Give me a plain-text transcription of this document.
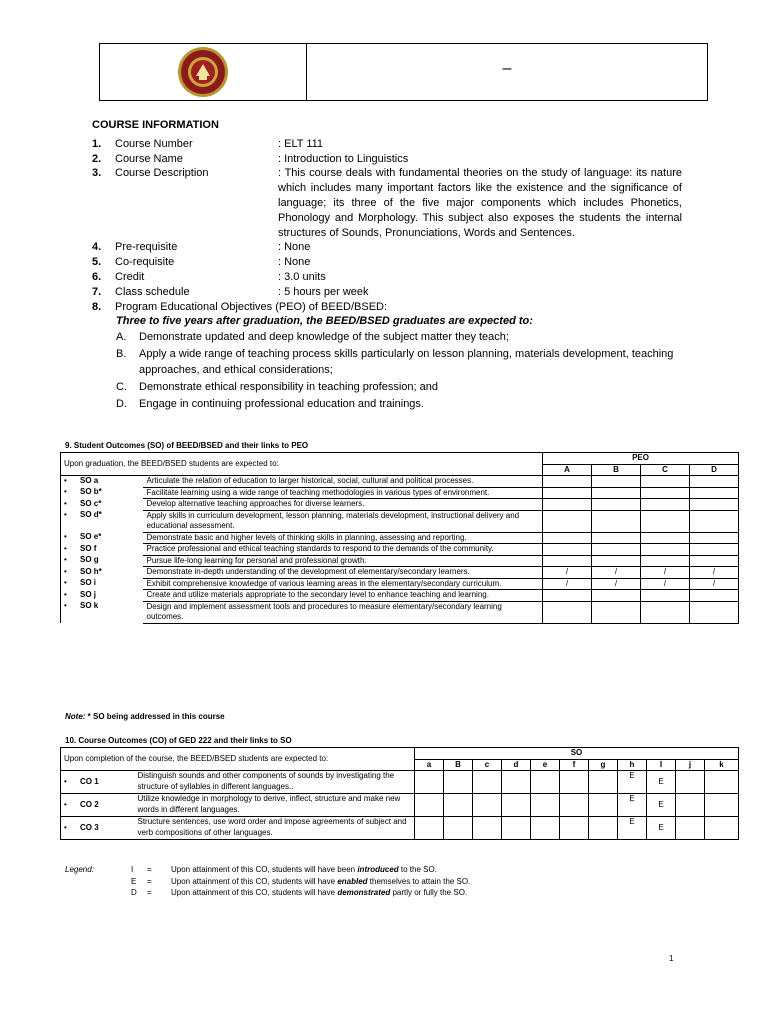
–
COURSE INFORMATION
1.	Course Number	: ELT 111
2.	Course Name	: Introduction to Linguistics
3.	Course Description	: This course deals with fundamental theories on the study of language: its nature which includes many important factors like the existence and the significance of language; its three of the five major components which includes Phonetics, Phonology and Morphology. This subject also exposes the students the internal structures of Sounds, Pronunciations, Words and Sentences.
4.	Pre-requisite	: None
5.	Co-requisite	: None
6.	Credit	: 3.0 units
7.	Class schedule	: 5 hours per week
8.	Program Educational Objectives (PEO) of BEED/BSED:
Three to five years after graduation, the BEED/BSED graduates are expected to:
A.	Demonstrate updated and deep knowledge of the subject matter they teach;
B.	Apply a wide range of teaching process skills particularly on lesson planning, materials development, teaching approaches, and ethical considerations;
C.	Demonstrate ethical responsibility in teaching profession; and
D.	Engage in continuing professional education and trainings.
9. Student Outcomes (SO) of BEED/BSED and their links to PEO
Upon graduation, the BEED/BSED students are expected to:		PEO			
		A	B	C	D
• SO a	Articulate the relation of education to larger historical, social, cultural and political processes.				
• SO b*	Facilitate learning using a wide range of teaching methodologies in various types of environment.				
• SO c*	Develop alternative teaching approaches for diverse learners.				
• SO d*	Apply skills in curriculum development, lesson planning, materials development, instructional delivery and educational assessment.				
• SO e*	Demonstrate basic and higher levels of thinking skills in planning, assessing and reporting.				
• SO f	Practice professional and ethical teaching standards to respond to the demands of the community.				
• SO g	Pursue life-long learning for personal and professional growth.				
• SO h*	Demonstrate in-depth understanding of the development of elementary/secondary learners.	/	/	/	/
• SO i	Exhibit comprehensive knowledge of various learning areas in the elementary/secondary curriculum.	/	/	/	/
• SO j	Create and utilize materials appropriate to the secondary level to enhance teaching and learning.				
• SO k	Design and implement assessment tools and procedures to measure elementary/secondary learning outcomes.				
Note: * SO being addressed in this course
10. Course Outcomes (CO) of GED 222 and their links to SO
Upon completion of the course, the BEED/BSED students are expected to:		SO										
		a	B	c	d	e	f	g	h	I	j	k
• CO 1	Distinguish sounds and other components of sounds by investigating the structure of syllables in different languages..								E	E		
• CO 2	Utilize knowledge in morphology to derive, inflect, structure and make new words in different languages.								E	E		
• CO 3	Structure sentences, use word order and impose agreements of subject and verb compositions of other languages.								E	E		
Legend:	I	=	Upon attainment of this CO, students will have been introduced to the SO.
E	=	Upon attainment of this CO, students will have enabled themselves to attain the SO.
D	=	Upon attainment of this CO, students will have demonstrated partly or fully the SO.
1
